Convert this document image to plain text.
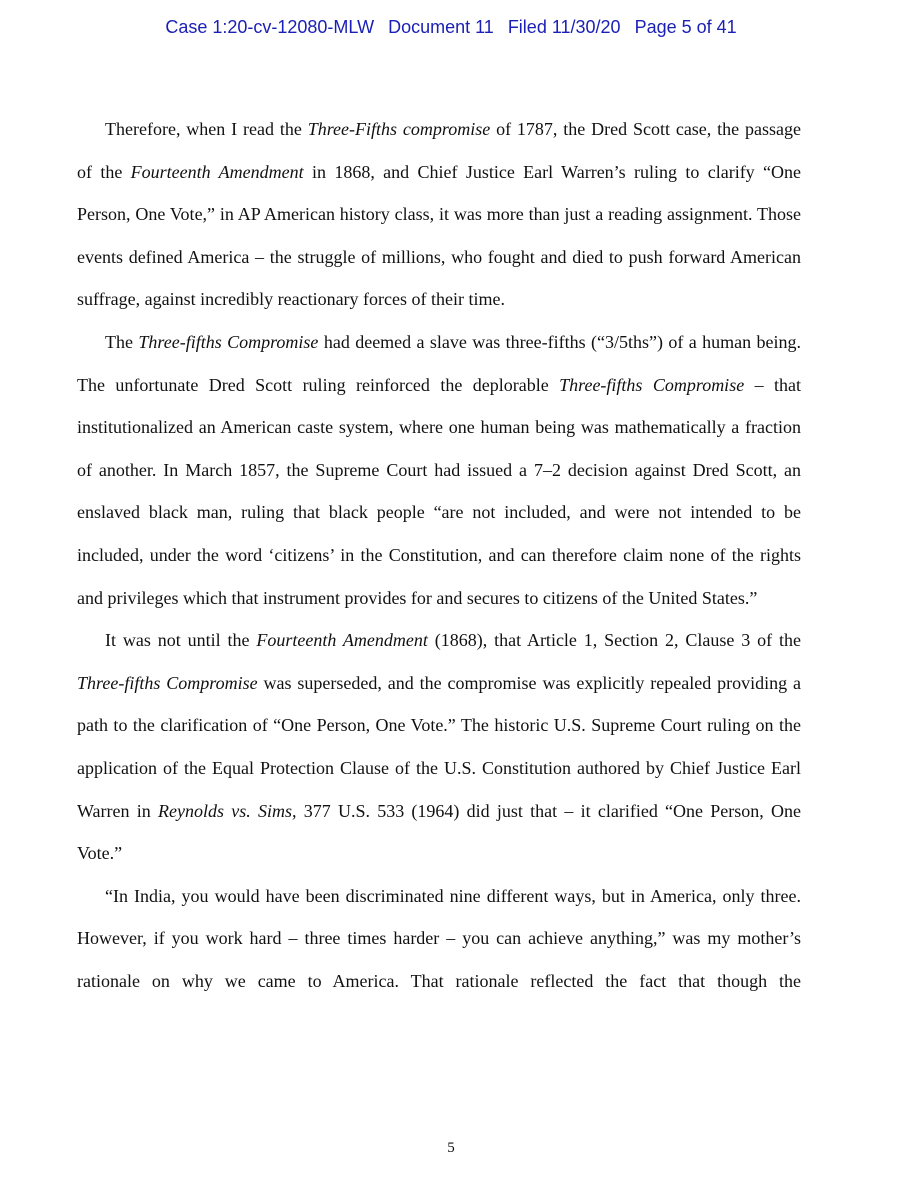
Case 1:20-cv-12080-MLW Document 11 Filed 11/30/20 Page 5 of 41

Therefore, when I read the Three-Fifths compromise of 1787, the Dred Scott case, the passage of the Fourteenth Amendment in 1868, and Chief Justice Earl Warren’s ruling to clarify “One Person, One Vote,” in AP American history class, it was more than just a reading assignment. Those events defined America – the struggle of millions, who fought and died to push forward American suffrage, against incredibly reactionary forces of their time.

The Three-fifths Compromise had deemed a slave was three-fifths (“3/5ths”) of a human being. The unfortunate Dred Scott ruling reinforced the deplorable Three-fifths Compromise – that institutionalized an American caste system, where one human being was mathematically a fraction of another. In March 1857, the Supreme Court had issued a 7–2 decision against Dred Scott, an enslaved black man, ruling that black people “are not included, and were not intended to be included, under the word ‘citizens’ in the Constitution, and can therefore claim none of the rights and privileges which that instrument provides for and secures to citizens of the United States.”

It was not until the Fourteenth Amendment (1868), that Article 1, Section 2, Clause 3 of the Three-fifths Compromise was superseded, and the compromise was explicitly repealed providing a path to the clarification of “One Person, One Vote.” The historic U.S. Supreme Court ruling on the application of the Equal Protection Clause of the U.S. Constitution authored by Chief Justice Earl Warren in Reynolds vs. Sims, 377 U.S. 533 (1964) did just that – it clarified “One Person, One Vote.”

“In India, you would have been discriminated nine different ways, but in America, only three. However, if you work hard – three times harder – you can achieve anything,” was my mother’s rationale on why we came to America. That rationale reflected the fact that though the

5
